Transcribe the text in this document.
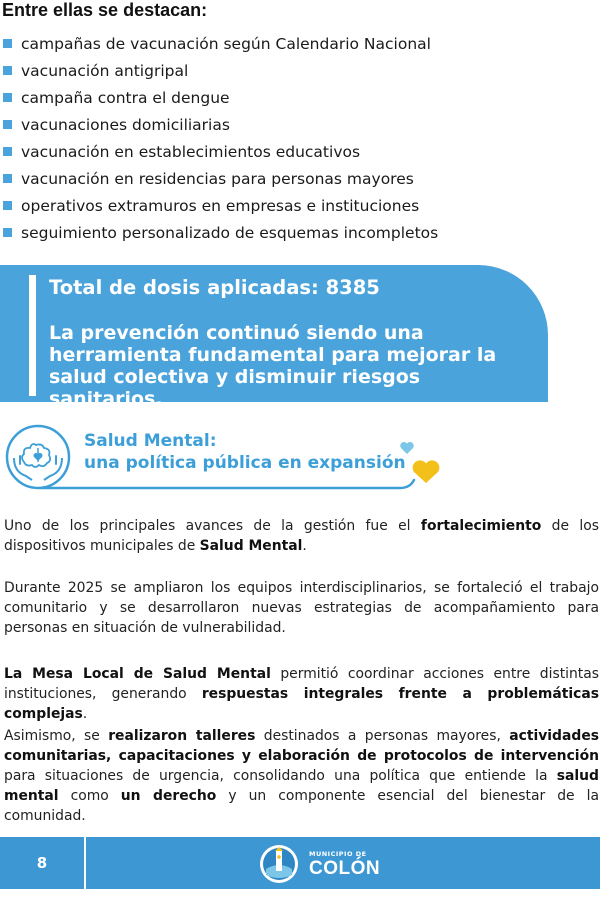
Entre ellas se destacan:
campañas de vacunación según Calendario Nacional
vacunación antigripal
campaña contra el dengue
vacunaciones domiciliarias
vacunación en establecimientos educativos
vacunación en residencias para personas mayores
operativos extramuros en empresas e instituciones
seguimiento personalizado de esquemas incompletos

Total de dosis aplicadas: 8385

La prevención continuó siendo una herramienta fundamental para mejorar la salud colectiva y disminuir riesgos sanitarios.

Salud Mental:
una política pública en expansión

Uno de los principales avances de la gestión fue el fortalecimiento de los dispositivos municipales de Salud Mental.

Durante 2025 se ampliaron los equipos interdisciplinarios, se fortaleció el trabajo comunitario y se desarrollaron nuevas estrategias de acompañamiento para personas en situación de vulnerabilidad.

La Mesa Local de Salud Mental permitió coordinar acciones entre distintas instituciones, generando respuestas integrales frente a problemáticas complejas.

Asimismo, se realizaron talleres destinados a personas mayores, actividades comunitarias, capacitaciones y elaboración de protocolos de intervención para situaciones de urgencia, consolidando una política que entiende la salud mental como un derecho y un componente esencial del bienestar de la comunidad.

8	MUNICIPIO DE
COLÓN
